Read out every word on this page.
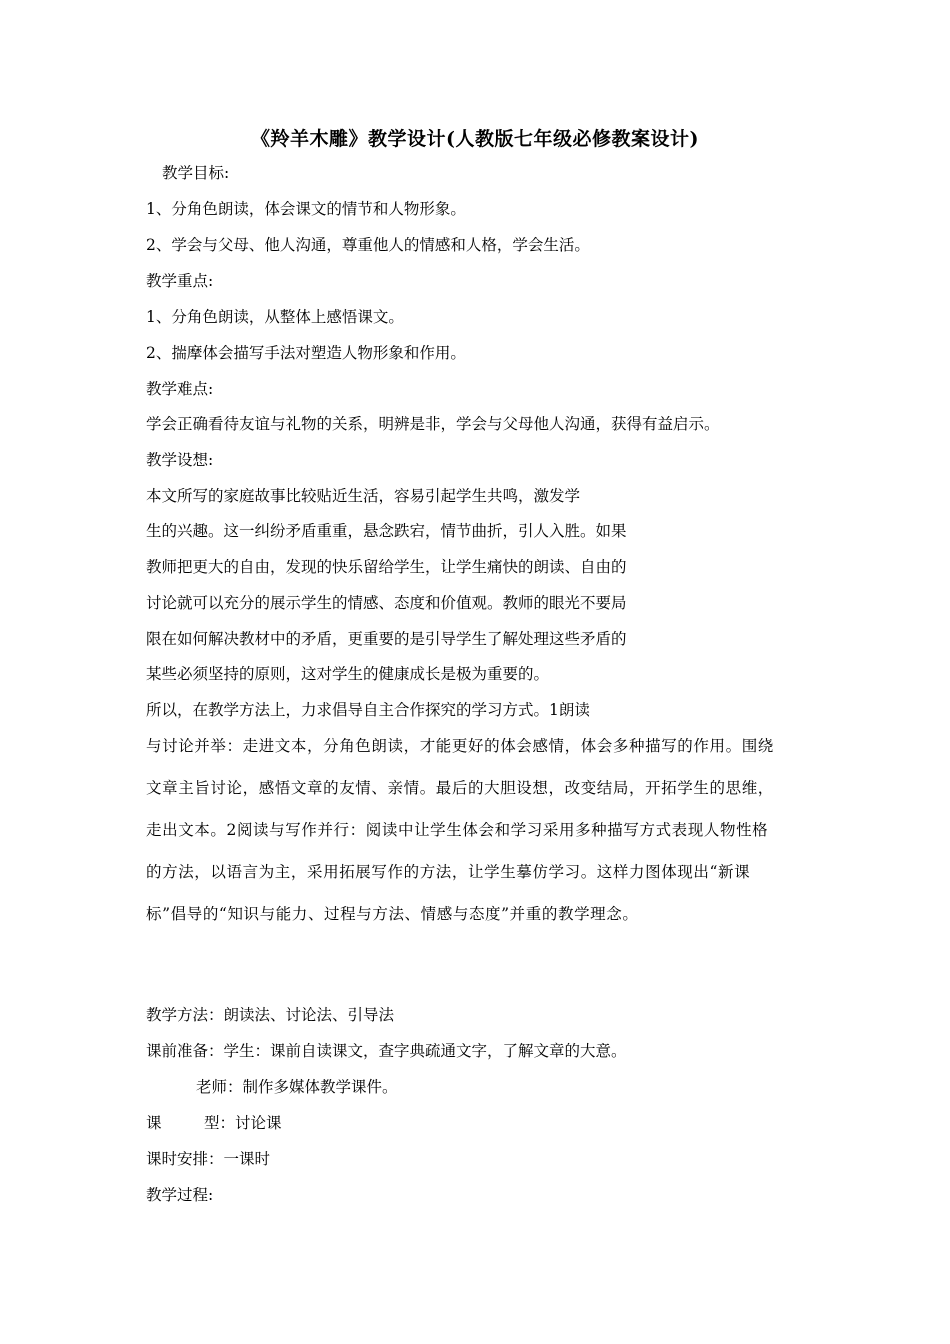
《羚羊木雕》教学设计(人教版七年级必修教案设计)
教学目标:
1、分角色朗读，体会课文的情节和人物形象。
2、学会与父母、他人沟通，尊重他人的情感和人格，学会生活。
教学重点:
1、分角色朗读，从整体上感悟课文。
2、揣摩体会描写手法对塑造人物形象和作用。
教学难点:
学会正确看待友谊与礼物的关系，明辨是非，学会与父母他人沟通，获得有益启示。
教学设想:
本文所写的家庭故事比较贴近生活，容易引起学生共鸣，激发学
生的兴趣。这一纠纷矛盾重重，悬念跌宕，情节曲折，引人入胜。如果
教师把更大的自由，发现的快乐留给学生，让学生痛快的朗读、自由的
讨论就可以充分的展示学生的情感、态度和价值观。教师的眼光不要局
限在如何解决教材中的矛盾，更重要的是引导学生了解处理这些矛盾的
某些必须坚持的原则，这对学生的健康成长是极为重要的。
所以，在教学方法上，力求倡导自主合作探究的学习方式。1朗读
与讨论并举：走进文本，分角色朗读，才能更好的体会感情，体会多种描写的作用。围绕
文章主旨讨论，感悟文章的友情、亲情。最后的大胆设想，改变结局，开拓学生的思维，
走出文本。2阅读与写作并行：阅读中让学生体会和学习采用多种描写方式表现人物性格
的方法，以语言为主，采用拓展写作的方法，让学生摹仿学习。这样力图体现出“新课
标”倡导的“知识与能力、过程与方法、情感与态度”并重的教学理念。
教学方法：朗读法、讨论法、引导法
课前准备：学生：课前自读课文，查字典疏通文字，了解文章的大意。
老师：制作多媒体教学课件。
课	型：讨论课
课时安排：一课时
教学过程:
